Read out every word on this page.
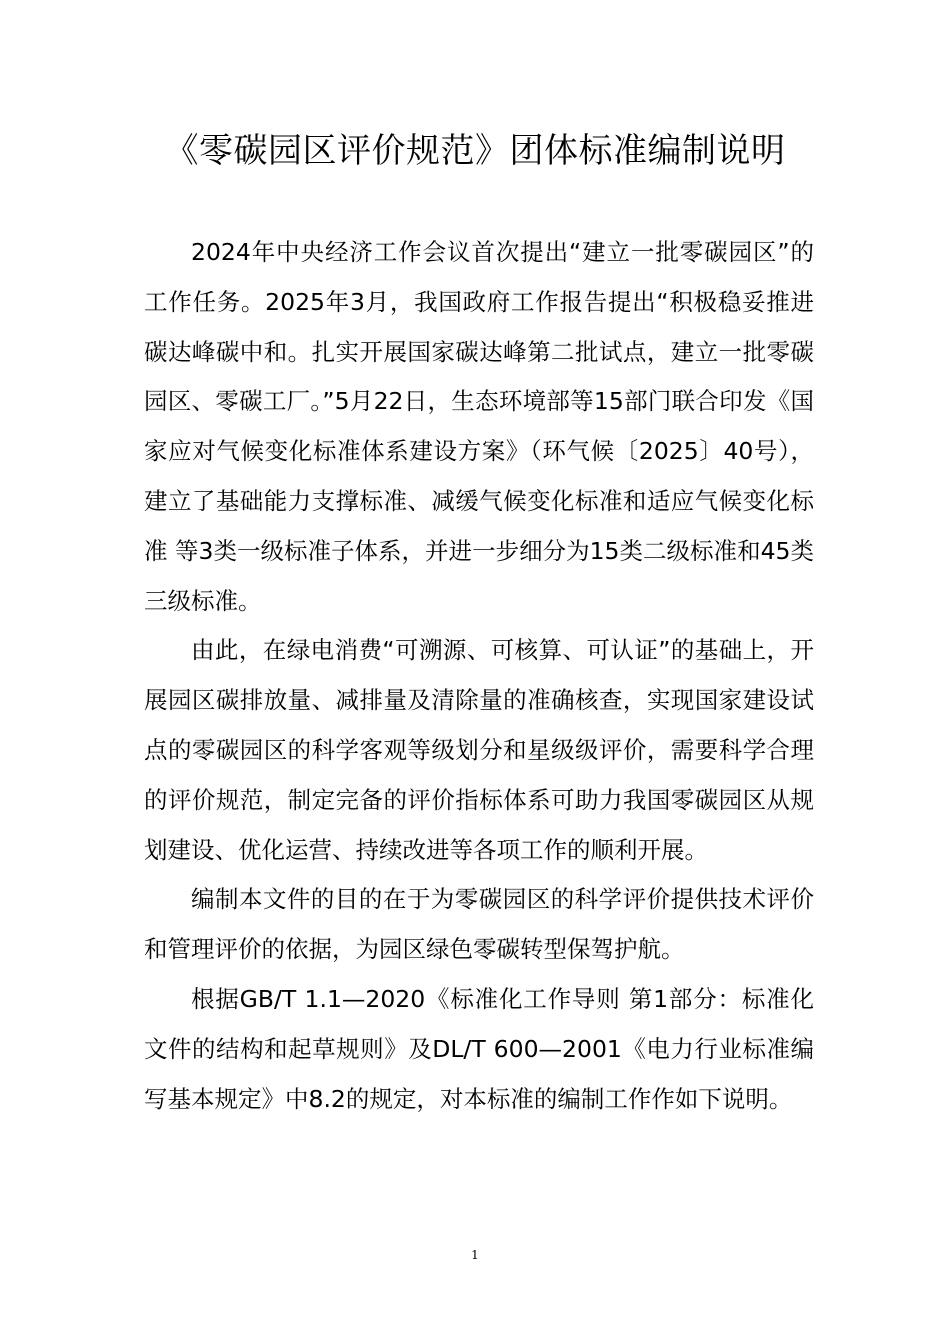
《零碳园区评价规范》团体标准编制说明

2024年中央经济工作会议首次提出“建立一批零碳园区”的工作任务。2025年3月，我国政府工作报告提出“积极稳妥推进碳达峰碳中和。扎实开展国家碳达峰第二批试点，建立一批零碳园区、零碳工厂。”5月22日，生态环境部等15部门联合印发《国家应对气候变化标准体系建设方案》（环气候〔2025〕40号），建立了基础能力支撑标准、减缓气候变化标准和适应气候变化标准 等3类一级标准子体系，并进一步细分为15类二级标准和45类三级标准。

由此，在绿电消费“可溯源、可核算、可认证”的基础上，开展园区碳排放量、减排量及清除量的准确核查，实现国家建设试点的零碳园区的科学客观等级划分和星级级评价，需要科学合理的评价规范，制定完备的评价指标体系可助力我国零碳园区从规划建设、优化运营、持续改进等各项工作的顺利开展。

编制本文件的目的在于为零碳园区的科学评价提供技术评价和管理评价的依据，为园区绿色零碳转型保驾护航。

根据GB/T 1.1—2020《标准化工作导则 第1部分：标准化文件的结构和起草规则》及DL/T 600—2001《电力行业标准编写基本规定》中8.2的规定，对本标准的编制工作作如下说明。

1
